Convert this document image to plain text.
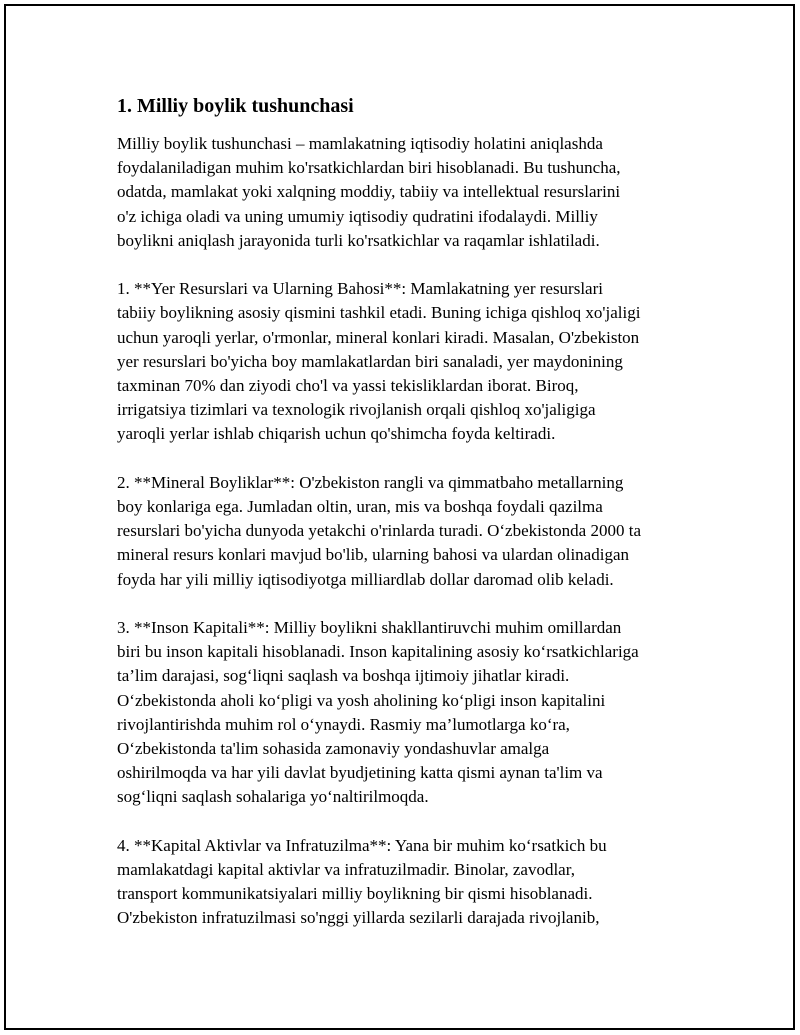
1. Milliy boylik tushunchasi

Milliy boylik tushunchasi – mamlakatning iqtisodiy holatini aniqlashda
foydalaniladigan muhim ko'rsatkichlardan biri hisoblanadi. Bu tushuncha,
odatda, mamlakat yoki xalqning moddiy, tabiiy va intellektual resurslarini
o'z ichiga oladi va uning umumiy iqtisodiy qudratini ifodalaydi. Milliy
boylikni aniqlash jarayonida turli ko'rsatkichlar va raqamlar ishlatiladi.

1. **Yer Resurslari va Ularning Bahosi**: Mamlakatning yer resurslari
tabiiy boylikning asosiy qismini tashkil etadi. Buning ichiga qishloq xo'jaligi
uchun yaroqli yerlar, o'rmonlar, mineral konlari kiradi. Masalan, O'zbekiston
yer resurslari bo'yicha boy mamlakatlardan biri sanaladi, yer maydonining
taxminan 70% dan ziyodi cho'l va yassi tekisliklardan iborat. Biroq,
irrigatsiya tizimlari va texnologik rivojlanish orqali qishloq xo'jaligiga
yaroqli yerlar ishlab chiqarish uchun qo'shimcha foyda keltiradi.

2. **Mineral Boyliklar**: O'zbekiston rangli va qimmatbaho metallarning
boy konlariga ega. Jumladan oltin, uran, mis va boshqa foydali qazilma
resurslari bo'yicha dunyoda yetakchi o'rinlarda turadi. O‘zbekistonda 2000 ta
mineral resurs konlari mavjud bo'lib, ularning bahosi va ulardan olinadigan
foyda har yili milliy iqtisodiyotga milliardlab dollar daromad olib keladi.

3. **Inson Kapitali**: Milliy boylikni shakllantiruvchi muhim omillardan
biri bu inson kapitali hisoblanadi. Inson kapitalining asosiy ko‘rsatkichlariga
ta’lim darajasi, sog‘liqni saqlash va boshqa ijtimoiy jihatlar kiradi.
O‘zbekistonda aholi ko‘pligi va yosh aholining ko‘pligi inson kapitalini
rivojlantirishda muhim rol o‘ynaydi. Rasmiy ma’lumotlarga ko‘ra,
O‘zbekistonda ta'lim sohasida zamonaviy yondashuvlar amalga
oshirilmoqda va har yili davlat byudjetining katta qismi aynan ta'lim va
sog‘liqni saqlash sohalariga yo‘naltirilmoqda.

4. **Kapital Aktivlar va Infratuzilma**: Yana bir muhim ko‘rsatkich bu
mamlakatdagi kapital aktivlar va infratuzilmadir. Binolar, zavodlar,
transport kommunikatsiyalari milliy boylikning bir qismi hisoblanadi.
O'zbekiston infratuzilmasi so'nggi yillarda sezilarli darajada rivojlanib,
